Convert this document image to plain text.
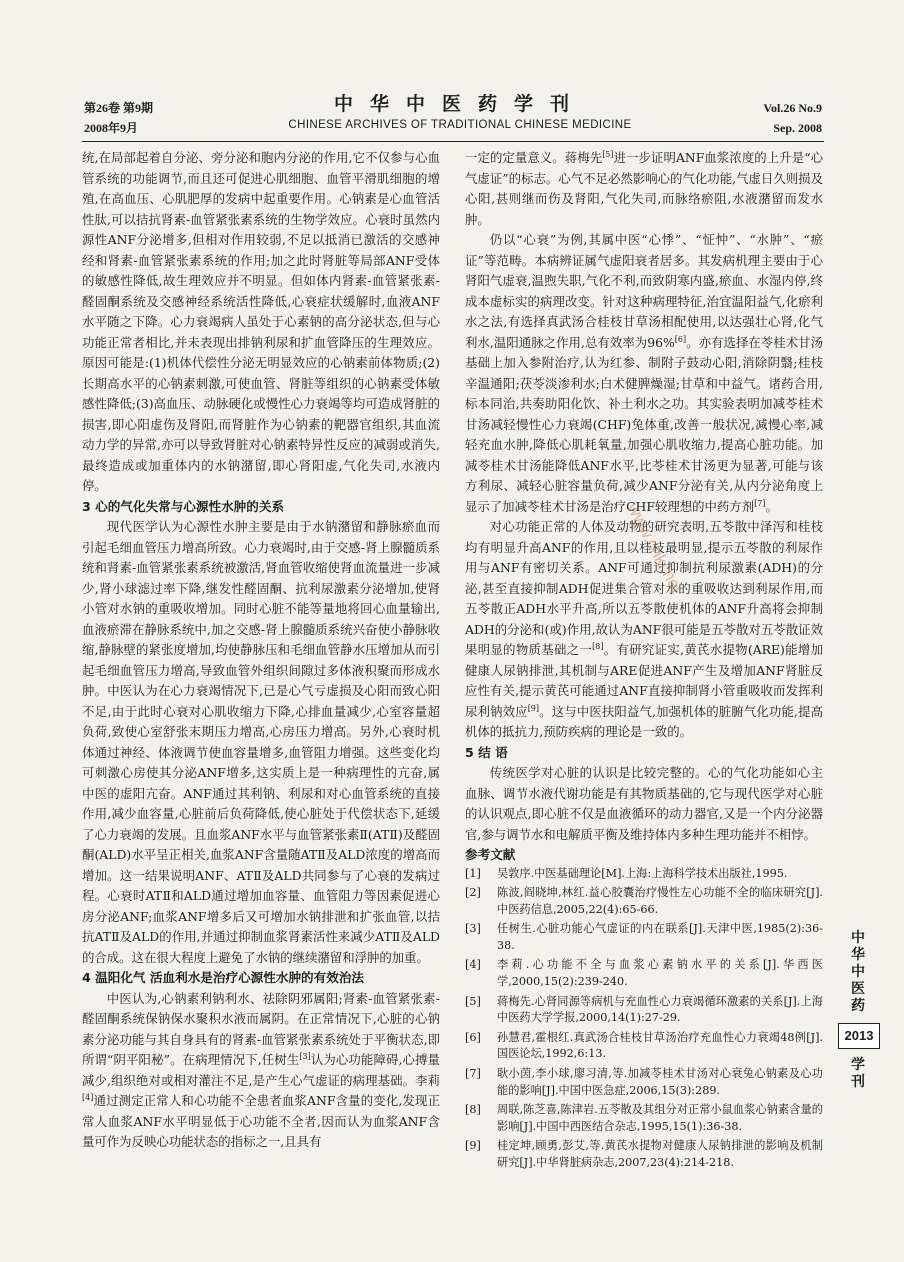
第26卷 第9期
2008年9月
中华中医药学刊
CHINESE ARCHIVES OF TRADITIONAL CHINESE MEDICINE
Vol.26 No.9
Sep. 2008

统,在局部起着自分泌、旁分泌和胞内分泌的作用,它不仅参与心血管系统的功能调节,而且还可促进心肌细胞、血管平滑肌细胞的增殖,在高血压、心肌肥厚的发病中起重要作用。心钠素是心血管活性肽,可以拮抗肾素-血管紧张素系统的生物学效应。心衰时虽然内源性ANF分泌增多,但相对作用较弱,不足以抵消已激活的交感神经和肾素-血管紧张素系统的作用;加之此时肾脏等局部ANF受体的敏感性降低,故生理效应并不明显。但如体内肾素-血管紧张素-醛固酮系统及交感神经系统活性降低,心衰症状缓解时,血液ANF水平随之下降。心力衰竭病人虽处于心素钠的高分泌状态,但与心功能正常者相比,并未表现出排钠利尿和扩血管降压的生理效应。原因可能是:(1)机体代偿性分泌无明显效应的心钠素前体物质;(2)长期高水平的心钠素刺激,可使血管、肾脏等组织的心钠素受体敏感性降低;(3)高血压、动脉硬化或慢性心力衰竭等均可造成肾脏的损害,即心阳虚伤及肾阳,而肾脏作为心钠素的靶器官组织,其血流动力学的异常,亦可以导致肾脏对心钠素特异性反应的减弱或消失,最终造成或加重体内的水钠潴留,即心肾阳虚,气化失司,水液内停。

3 心的气化失常与心源性水肿的关系

现代医学认为心源性水肿主要是由于水钠潴留和静脉瘀血而引起毛细血管压力增高所致。心力衰竭时,由于交感-肾上腺髓质系统和肾素-血管紧张素系统被激活,肾血管收缩使肾血流量进一步减少,肾小球滤过率下降,继发性醛固酮、抗利尿激素分泌增加,使肾小管对水钠的重吸收增加。同时心脏不能等量地将回心血量输出,血液瘀滞在静脉系统中,加之交感-肾上腺髓质系统兴奋使小静脉收缩,静脉壁的紧张度增加,均使静脉压和毛细血管静水压增加从而引起毛细血管压力增高,导致血管外组织间隙过多体液积聚而形成水肿。中医认为在心力衰竭情况下,已是心气亏虚损及心阳而致心阳不足,由于此时心衰对心肌收缩力下降,心排血量减少,心室容量超负荷,致使心室舒张末期压力增高,心房压力增高。另外,心衰时机体通过神经、体液调节使血容量增多,血管阻力增强。这些变化均可刺激心房使其分泌ANF增多,这实质上是一种病理性的亢奋,属中医的虚阳亢奋。ANF通过其利钠、利尿和对心血管系统的直接作用,减少血容量,心脏前后负荷降低,使心脏处于代偿状态下,延缓了心力衰竭的发展。且血浆ANF水平与血管紧张素Ⅱ(ATⅡ)及醛固酮(ALD)水平呈正相关,血浆ANF含量随ATⅡ及ALD浓度的增高而增加。这一结果说明ANF、ATⅡ及ALD共同参与了心衰的发病过程。心衰时ATⅡ和ALD通过增加血容量、血管阻力等因素促进心房分泌ANF;血浆ANF增多后又可增加水钠排泄和扩张血管,以拮抗ATⅡ及ALD的作用,并通过抑制血浆肾素活性来减少ATⅡ及ALD的合成。这在很大程度上避免了水钠的继续潴留和浮肿的加重。

4 温阳化气 活血利水是治疗心源性水肿的有效治法

中医认为,心钠素利钠利水、祛除阴邪属阳;肾素-血管紧张素-醛固酮系统保钠保水聚积水液而属阴。在正常情况下,心脏的心钠素分泌功能与其自身具有的肾素-血管紧张素系统处于平衡状态,即所谓“阴平阳秘”。在病理情况下,任树生[3]认为心功能障碍,心搏量减少,组织绝对或相对灌注不足,是产生心气虚证的病理基础。李莉[4]通过测定正常人和心功能不全患者血浆ANF含量的变化,发现正常人血浆ANF水平明显低于心功能不全者,因而认为血浆ANF含量可作为反映心功能状态的指标之一,且具有

一定的定量意义。蒋梅先[5]进一步证明ANF血浆浓度的上升是“心气虚证”的标志。心气不足必然影响心的气化功能,气虚日久则损及心阳,甚则继而伤及肾阳,气化失司,而脉络瘀阻,水液潴留而发水肿。

仍以“心衰”为例,其属中医“心悸”、“怔忡”、“水肿”、“瘀证”等范畴。本病辨证属气虚阳衰者居多。其发病机理主要由于心肾阳气虚衰,温煦失职,气化不利,而致阴寒内盛,瘀血、水湿内停,终成本虚标实的病理改变。针对这种病理特征,治宜温阳益气,化瘀利水之法,有选择真武汤合桂枝甘草汤相配使用,以达强壮心肾,化气利水,温阳通脉之作用,总有效率为96%[6]。亦有选择在苓桂术甘汤基础上加入参附治疗,认为红参、制附子鼓动心阳,消除阴翳;桂枝辛温通阳;茯苓淡渗利水;白术健脾燥湿;甘草和中益气。诸药合用,标本同治,共奏助阳化饮、补土利水之功。其实验表明加减苓桂术甘汤减轻慢性心力衰竭(CHF)兔体重,改善一般状况,减慢心率,减轻充血水肿,降低心肌耗氧量,加强心肌收缩力,提高心脏功能。加减苓桂术甘汤能降低ANF水平,比苓桂术甘汤更为显著,可能与该方利尿、减轻心脏容量负荷,减少ANF分泌有关,从内分泌角度上显示了加减苓桂术甘汤是治疗CHF较理想的中药方剂[7]。

对心功能正常的人体及动物的研究表明,五苓散中泽泻和桂枝均有明显升高ANF的作用,且以桂枝最明显,提示五苓散的利尿作用与ANF有密切关系。ANF可通过抑制抗利尿激素(ADH)的分泌,甚至直接抑制ADH促进集合管对水的重吸收达到利尿作用,而五苓散正ADH水平升高,所以五苓散使机体的ANF升高将会抑制ADH的分泌和(或)作用,故认为ANF很可能是五苓散对五苓散证效果明显的物质基础之一[8]。有研究证实,黄芪水提物(ARE)能增加健康人尿钠排泄,其机制与ARE促进ANF产生及增加ANF肾脏反应性有关,提示黄芪可能通过ANF直接抑制肾小管重吸收而发挥利尿利钠效应[9]。这与中医扶阳益气,加强机体的脏腑气化功能,提高机体的抵抗力,预防疾病的理论是一致的。

5 结 语

传统医学对心脏的认识是比较完整的。心的气化功能如心主血脉、调节水液代谢功能是有其物质基础的,它与现代医学对心脏的认识观点,即心脏不仅是血液循环的动力器官,又是一个内分泌器官,参与调节水和电解质平衡及维持体内多种生理功能并不相悖。

参考文献
[1] 吴敦序.中医基础理论[M].上海:上海科学技术出版社,1995.
[2] 陈波,阎晓坤,林红.益心胶囊治疗慢性左心功能不全的临床研究[J].中医药信息,2005,22(4):65-66.
[3] 任树生.心脏功能心气虚证的内在联系[J].天津中医,1985(2):36-38.
[4] 李莉.心功能不全与血浆心素钠水平的关系[J].华西医学,2000,15(2):239-240.
[5] 蒋梅先.心肾同源等病机与充血性心力衰竭循环激素的关系[J].上海中医药大学学报,2000,14(1):27-29.
[6] 孙慧君,霍根红.真武汤合桂枝甘草汤治疗充血性心力衰竭48例[J].国医论坛,1992,6:13.
[7] 耿小茵,李小球,廖习清,等.加减苓桂术甘汤对心衰兔心钠素及心功能的影响[J].中国中医急症,2006,15(3):289.
[8] 周联,陈芝喜,陈津岩.五苓散及其组分对正常小鼠血浆心钠素含量的影响[J].中国中西医结合杂志,1995,15(1):36-38.
[9] 桂定坤,顾勇,彭艾,等.黄芪水提物对健康人尿钠排泄的影响及机制研究[J].中华肾脏病杂志,2007,23(4):214-218.
www.cnki.net
中
华
中
医
药
2013
学
刊
